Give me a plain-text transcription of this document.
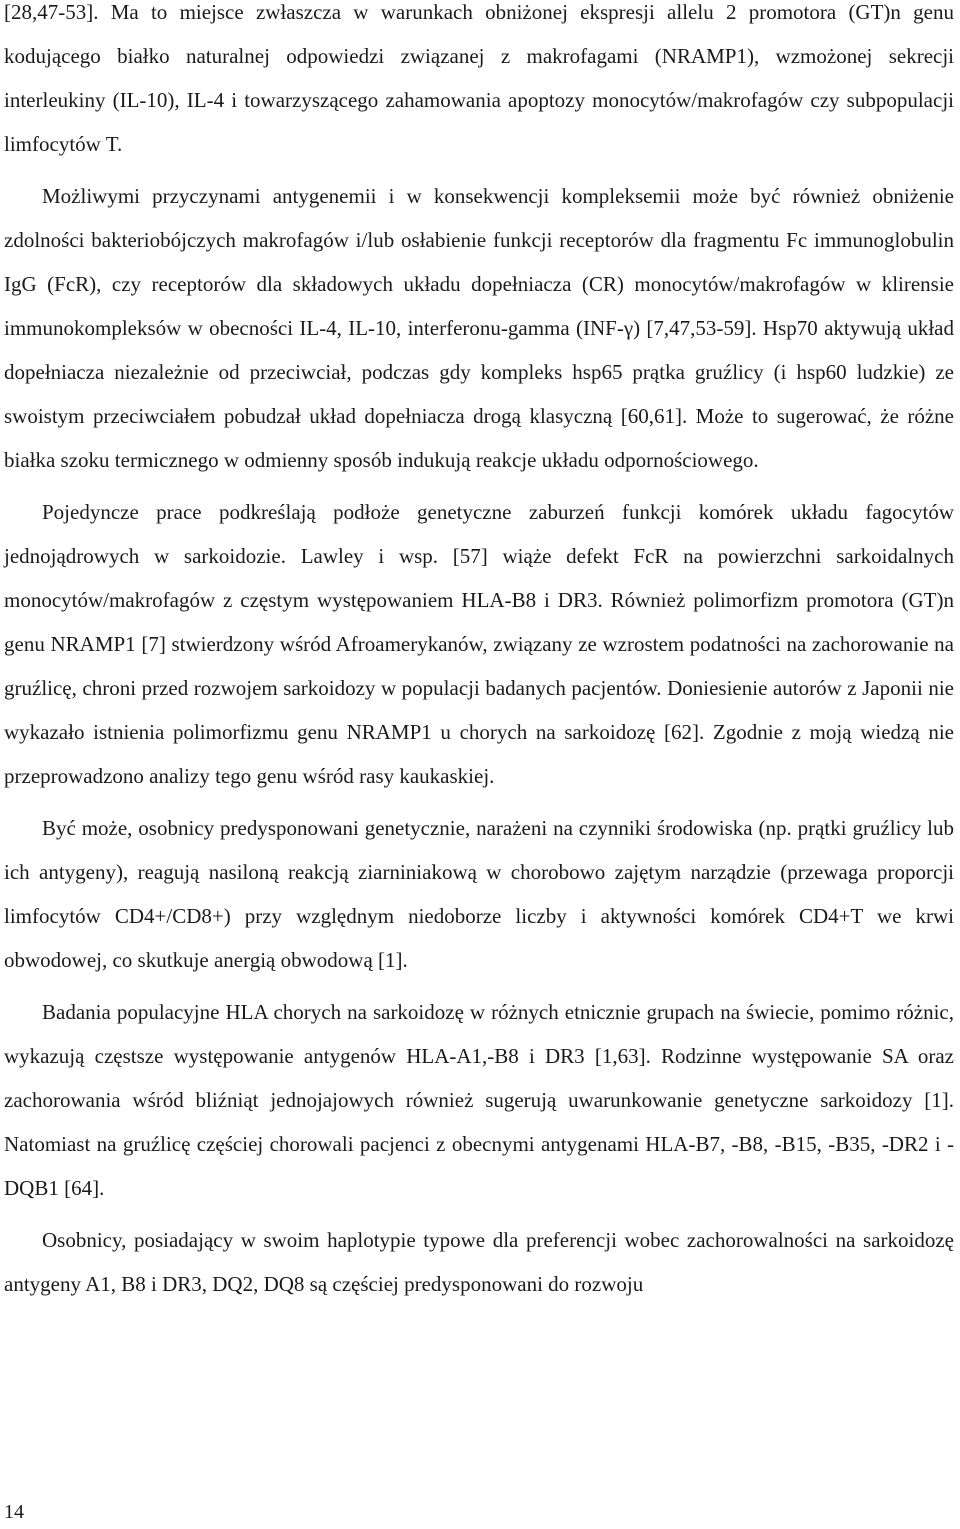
[28,47-53]. Ma to miejsce zwłaszcza w warunkach obniżonej ekspresji allelu 2 promotora (GT)n genu kodującego białko naturalnej odpowiedzi związanej z makrofagami (NRAMP1), wzmożonej sekrecji interleukiny (IL-10), IL-4 i towarzyszącego zahamowania apoptozy monocytów/makrofagów czy subpopulacji limfocytów T.

Możliwymi przyczynami antygenemii i w konsekwencji kompleksemii może być również obniżenie zdolności bakteriobójczych makrofagów i/lub osłabienie funkcji receptorów dla fragmentu Fc immunoglobulin IgG (FcR), czy receptorów dla składowych układu dopełniacza (CR) monocytów/makrofagów w klirensie immunokompleksów w obecności IL-4, IL-10, interferonu-gamma (INF-γ) [7,47,53-59]. Hsp70 aktywują układ dopełniacza niezależnie od przeciwciał, podczas gdy kompleks hsp65 prątka gruźlicy (i hsp60 ludzkie) ze swoistym przeciwciałem pobudzał układ dopełniacza drogą klasyczną [60,61]. Może to sugerować, że różne białka szoku termicznego w odmienny sposób indukują reakcje układu odpornościowego.

Pojedyncze prace podkreślają podłoże genetyczne zaburzeń funkcji komórek układu fagocytów jednojądrowych w sarkoidozie. Lawley i wsp. [57] wiąże defekt FcR na powierzchni sarkoidalnych monocytów/makrofagów z częstym występowaniem HLA-B8 i DR3. Również polimorfizm promotora (GT)n genu NRAMP1 [7] stwierdzony wśród Afroamerykanów, związany ze wzrostem podatności na zachorowanie na gruźlicę, chroni przed rozwojem sarkoidozy w populacji badanych pacjentów. Doniesienie autorów z Japonii nie wykazało istnienia polimorfizmu genu NRAMP1 u chorych na sarkoidozę [62]. Zgodnie z moją wiedzą nie przeprowadzono analizy tego genu wśród rasy kaukaskiej.

Być może, osobnicy predysponowani genetycznie, narażeni na czynniki środowiska (np. prątki gruźlicy lub ich antygeny), reagują nasiloną reakcją ziarniniakową w chorobowo zajętym narządzie (przewaga proporcji limfocytów CD4+/CD8+) przy względnym niedoborze liczby i aktywności komórek CD4+T we krwi obwodowej, co skutkuje anergią obwodową [1].

Badania populacyjne HLA chorych na sarkoidozę w różnych etnicznie grupach na świecie, pomimo różnic, wykazują częstsze występowanie antygenów HLA-A1,-B8 i DR3 [1,63]. Rodzinne występowanie SA oraz zachorowania wśród bliźniąt jednojajowych również sugerują uwarunkowanie genetyczne sarkoidozy [1]. Natomiast na gruźlicę częściej chorowali pacjenci z obecnymi antygenami HLA-B7, -B8, -B15, -B35, -DR2 i -DQB1 [64].

Osobnicy, posiadający w swoim haplotypie typowe dla preferencji wobec zachorowalności na sarkoidozę antygeny A1, B8 i DR3, DQ2, DQ8 są częściej predysponowani do rozwoju

14
